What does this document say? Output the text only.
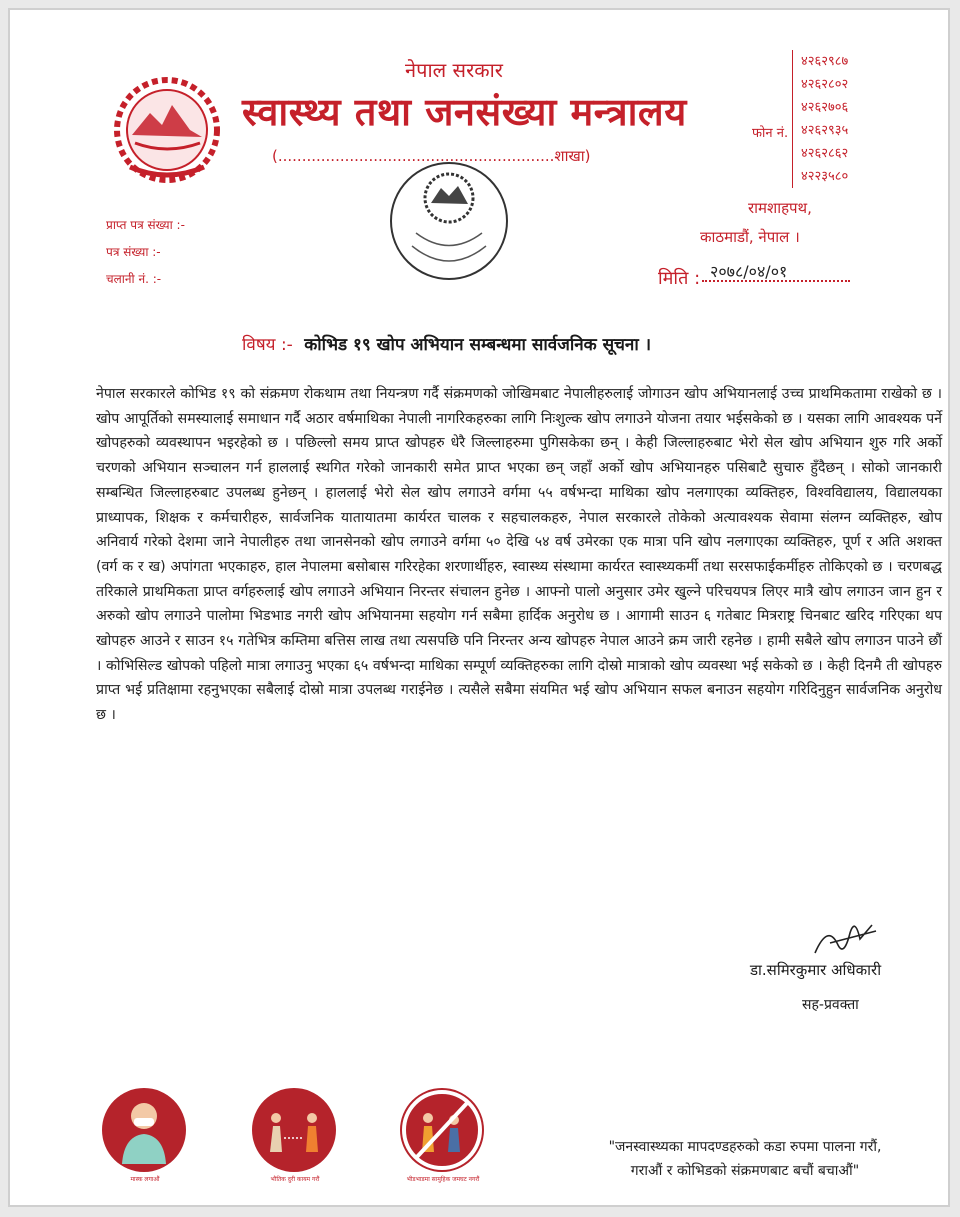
नेपाल सरकार
स्वास्थ्य तथा जनसंख्या मन्त्रालय
(..........................................................शाखा)
फोन नं.
४२६२९८७
४२६२८०२
४२६२७०६
४२६२९३५
४२६२८६२
४२२३५८०
रामशाहपथ,
काठमाडौं, नेपाल ।
मिति : २०७८/०४/०१
प्राप्त पत्र संख्या :-
पत्र संख्या :-
चलानी नं. :-
विषय :- कोभिड १९ खोप अभियान सम्बन्धमा सार्वजनिक सूचना ।

नेपाल सरकारले कोभिड १९ को संक्रमण रोकथाम तथा नियन्त्रण गर्दै संक्रमणको जोखिमबाट नेपालीहरुलाई जोगाउन खोप अभियानलाई उच्च प्राथमिकतामा राखेको छ । खोप आपूर्तिको समस्यालाई समाधान गर्दै अठार वर्षमाथिका नेपाली नागरिकहरुका लागि निःशुल्क खोप लगाउने योजना तयार भईसकेको छ । यसका लागि आवश्यक पर्ने खोपहरुको व्यवस्थापन भइरहेको छ । पछिल्लो समय प्राप्त खोपहरु धेरै जिल्लाहरुमा पुगिसकेका छन् । केही जिल्लाहरुबाट भेरो सेल खोप अभियान शुरु गरि अर्को चरणको अभियान सञ्चालन गर्न हाललाई स्थगित गरेको जानकारी समेत प्राप्त भएका छन् जहाँ अर्को खोप अभियानहरु पसिबाटै सुचारु हुँदैछन् । सोको जानकारी सम्बन्धित जिल्लाहरुबाट उपलब्ध हुनेछन् । हाललाई भेरो सेल खोप लगाउने वर्गमा ५५ वर्षभन्दा माथिका खोप नलगाएका व्यक्तिहरु, विश्वविद्यालय, विद्यालयका प्राध्यापक, शिक्षक र कर्मचारीहरु, सार्वजनिक यातायातमा कार्यरत चालक र सहचालकहरु, नेपाल सरकारले तोकेको अत्यावश्यक सेवामा संलग्न व्यक्तिहरु, खोप अनिवार्य गरेको देशमा जाने नेपालीहरु तथा जानसेनको खोप लगाउने वर्गमा ५० देखि ५४ वर्ष उमेरका एक मात्रा पनि खोप नलगाएका व्यक्तिहरु, पूर्ण र अति अशक्त (वर्ग क र ख) अपांगता भएकाहरु, हाल नेपालमा बसोबास गरिरहेका शरणार्थीहरु, स्वास्थ्य संस्थामा कार्यरत स्वास्थ्यकर्मी तथा सरसफाईकर्मीहरु तोकिएको छ । चरणबद्ध तरिकाले प्राथमिकता प्राप्त वर्गहरुलाई खोप लगाउने अभियान निरन्तर संचालन हुनेछ । आफ्नो पालो अनुसार उमेर खुल्ने परिचयपत्र लिएर मात्रै खोप लगाउन जान हुन र अरुको खोप लगाउने पालोमा भिडभाड नगरी खोप अभियानमा सहयोग गर्न सबैमा हार्दिक अनुरोध छ । आगामी साउन ६ गतेबाट मित्रराष्ट्र चिनबाट खरिद गरिएका थप खोपहरु आउने र साउन १५ गतेभित्र कम्तिमा बत्तिस लाख तथा त्यसपछि पनि निरन्तर अन्य खोपहरु नेपाल आउने क्रम जारी रहनेछ । हामी सबैले खोप लगाउन पाउने छौं । कोभिसिल्ड खोपको पहिलो मात्रा लगाउनु भएका ६५ वर्षभन्दा माथिका सम्पूर्ण व्यक्तिहरुका लागि दोस्रो मात्राको खोप व्यवस्था भई सकेको छ । केही दिनमै ती खोपहरु प्राप्त भई प्रतिक्षामा रहनुभएका सबैलाई दोस्रो मात्रा उपलब्ध गराईनेछ । त्यसैले सबैमा संयमित भई खोप अभियान सफल बनाउन सहयोग गरिदिनुहुन सार्वजनिक अनुरोध छ ।

डा.समिरकुमार अधिकारी
सह-प्रवक्ता
मास्क लगाऔं	भौतिक दुरी कायम गरौं	भीडभाडमा सामुहिक जमघट नगरौं
"जनस्वास्थ्यका मापदण्डहरुको कडा रुपमा पालना गरौं,
गराऔं र कोभिडको संक्रमणबाट बचौं बचाऔं"
